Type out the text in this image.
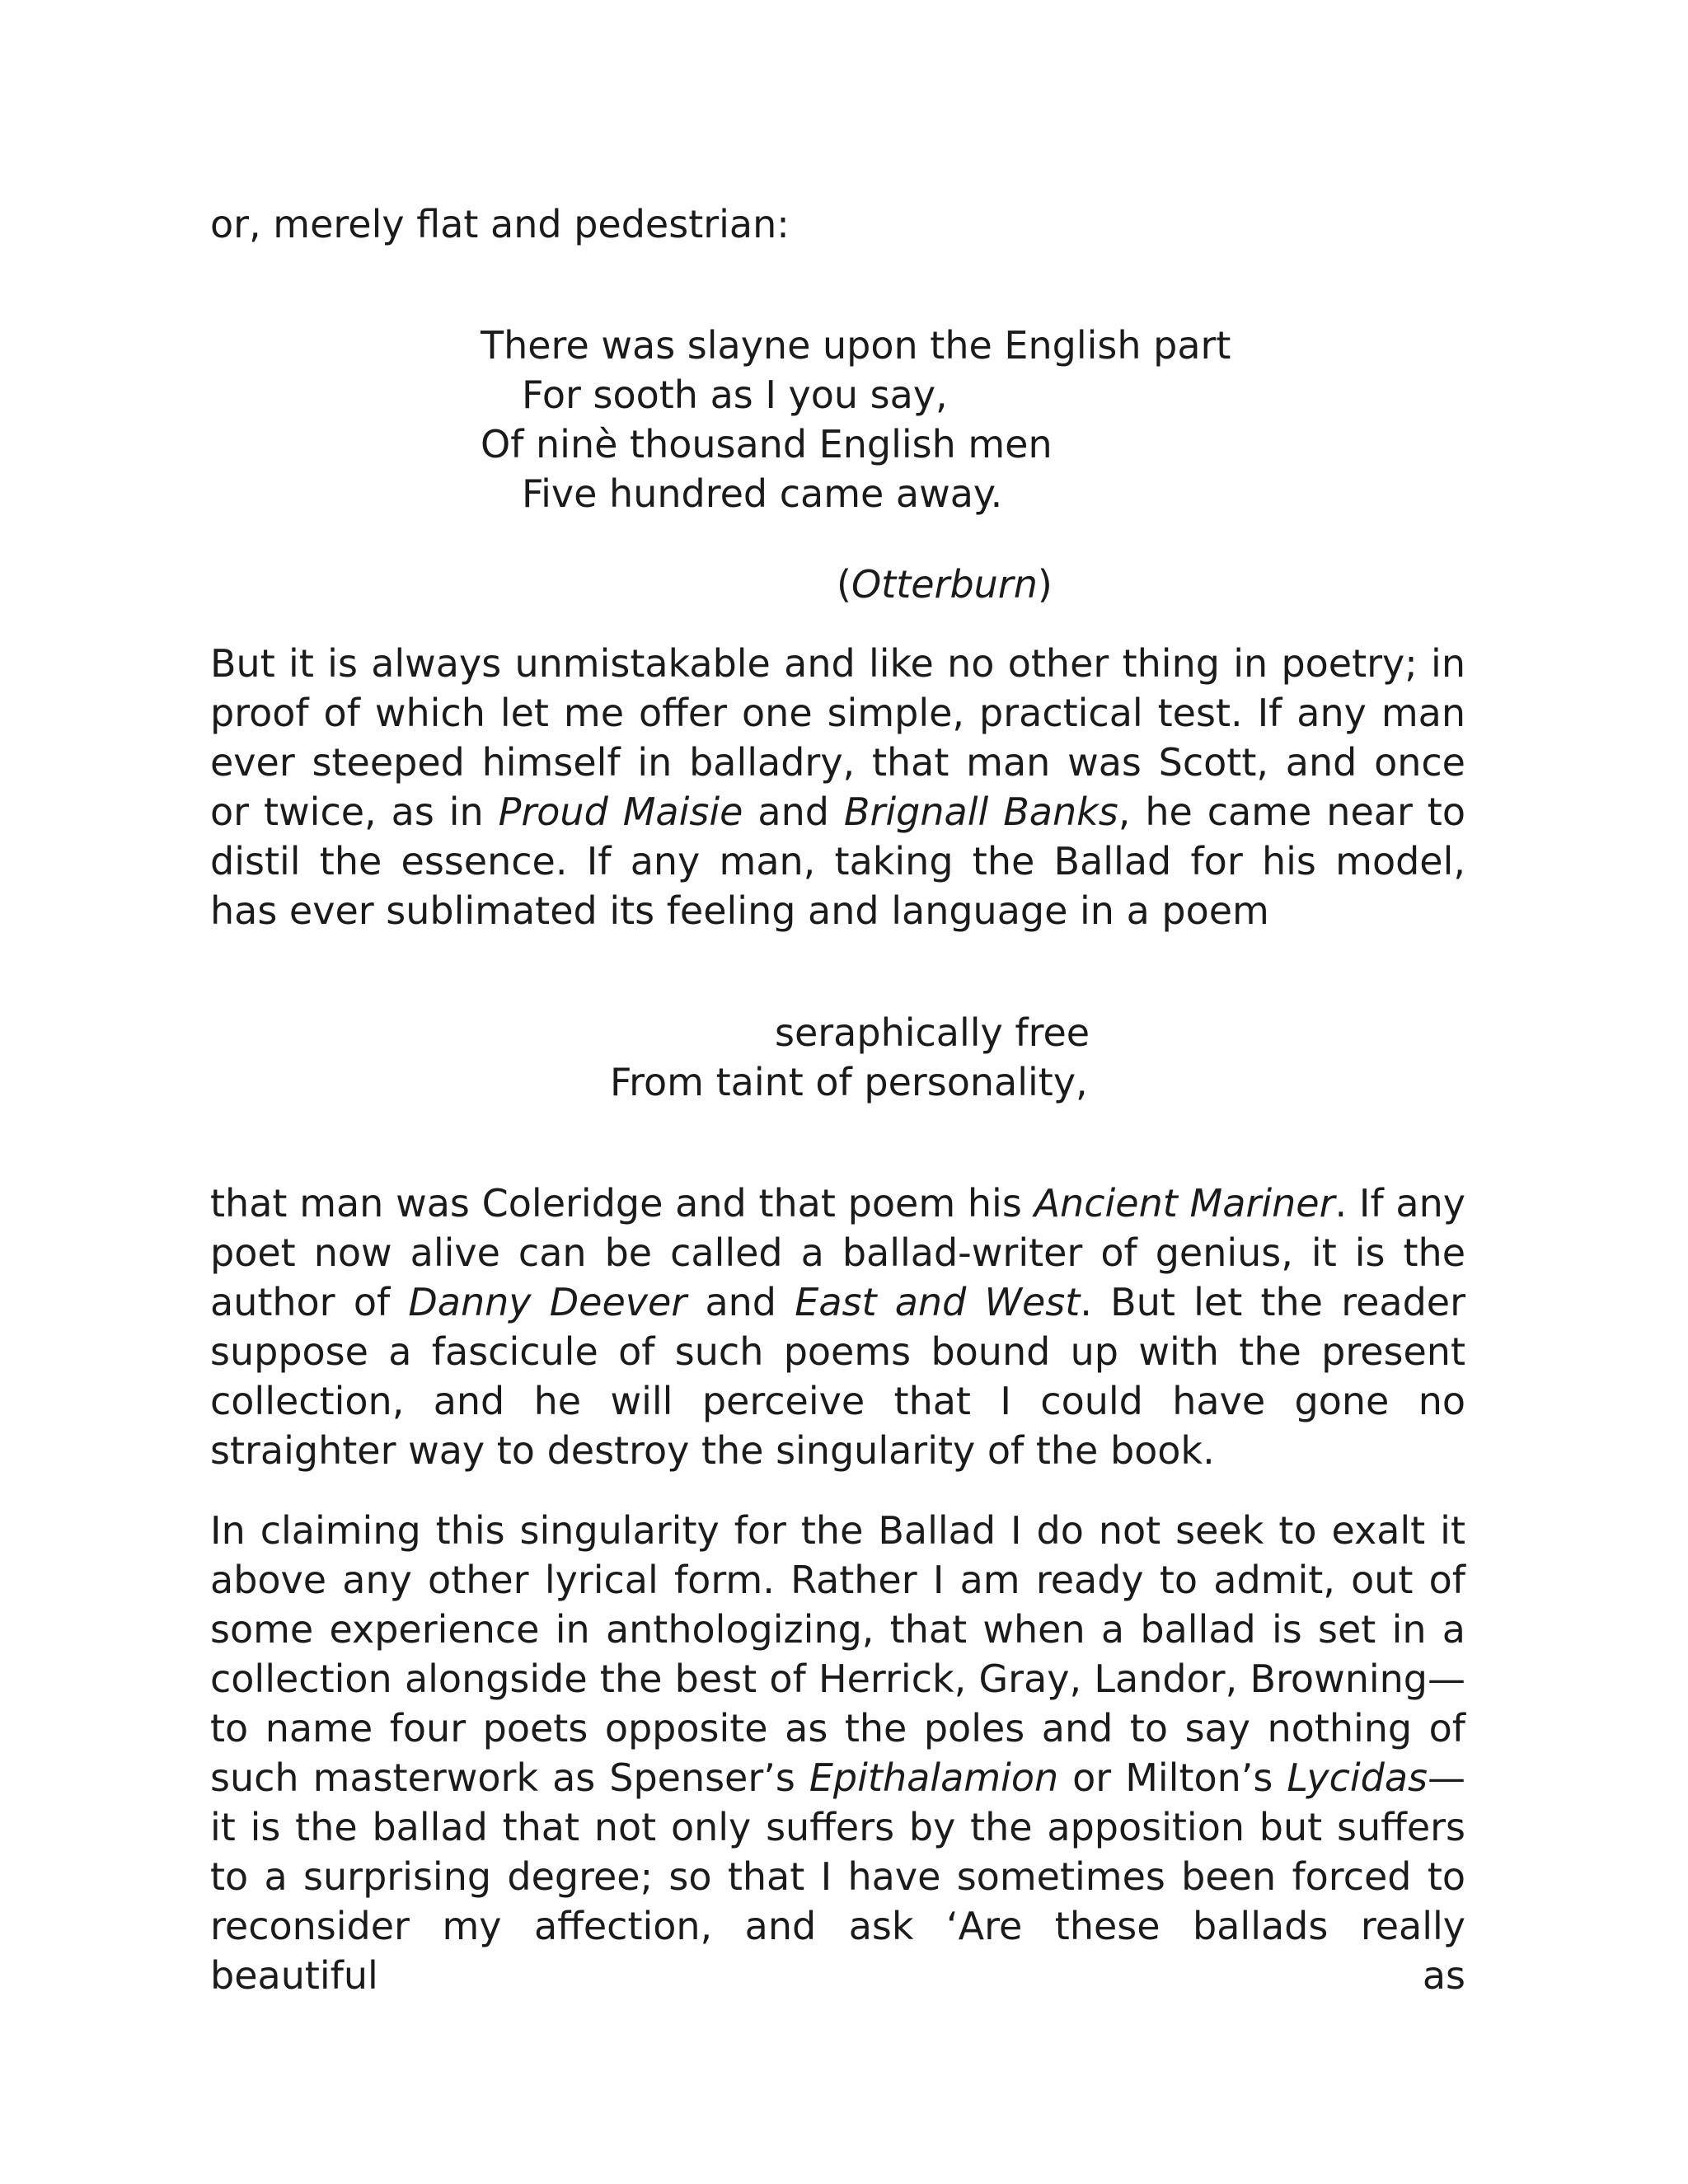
or, merely flat and pedestrian:
There was slayne upon the English part
For sooth as I you say,
Of ninè thousand English men
Five hundred came away.
(Otterburn)

But it is always unmistakable and like no other thing in poetry; in proof of which let me offer one simple, practical test. If any man ever steeped himself in balladry, that man was Scott, and once or twice, as in Proud Maisie and Brignall Banks, he came near to distil the essence. If any man, taking the Ballad for his model, has ever sublimated its feeling and language in a poem

seraphically free
From taint of personality,

that man was Coleridge and that poem his Ancient Mariner. If any poet now alive can be called a ballad-writer of genius, it is the author of Danny Deever and East and West. But let the reader suppose a fascicule of such poems bound up with the present collection, and he will perceive that I could have gone no straighter way to destroy the singularity of the book.

In claiming this singularity for the Ballad I do not seek to exalt it above any other lyrical form. Rather I am ready to admit, out of some experience in anthologizing, that when a ballad is set in a collection alongside the best of Herrick, Gray, Landor, Browning—to name four poets opposite as the poles and to say nothing of such masterwork as Spenser’s Epithalamion or Milton’s Lycidas—it is the ballad that not only suffers by the apposition but suffers to a surprising degree; so that I have sometimes been forced to reconsider my affection, and ask ‘Are these ballads really beautiful as
